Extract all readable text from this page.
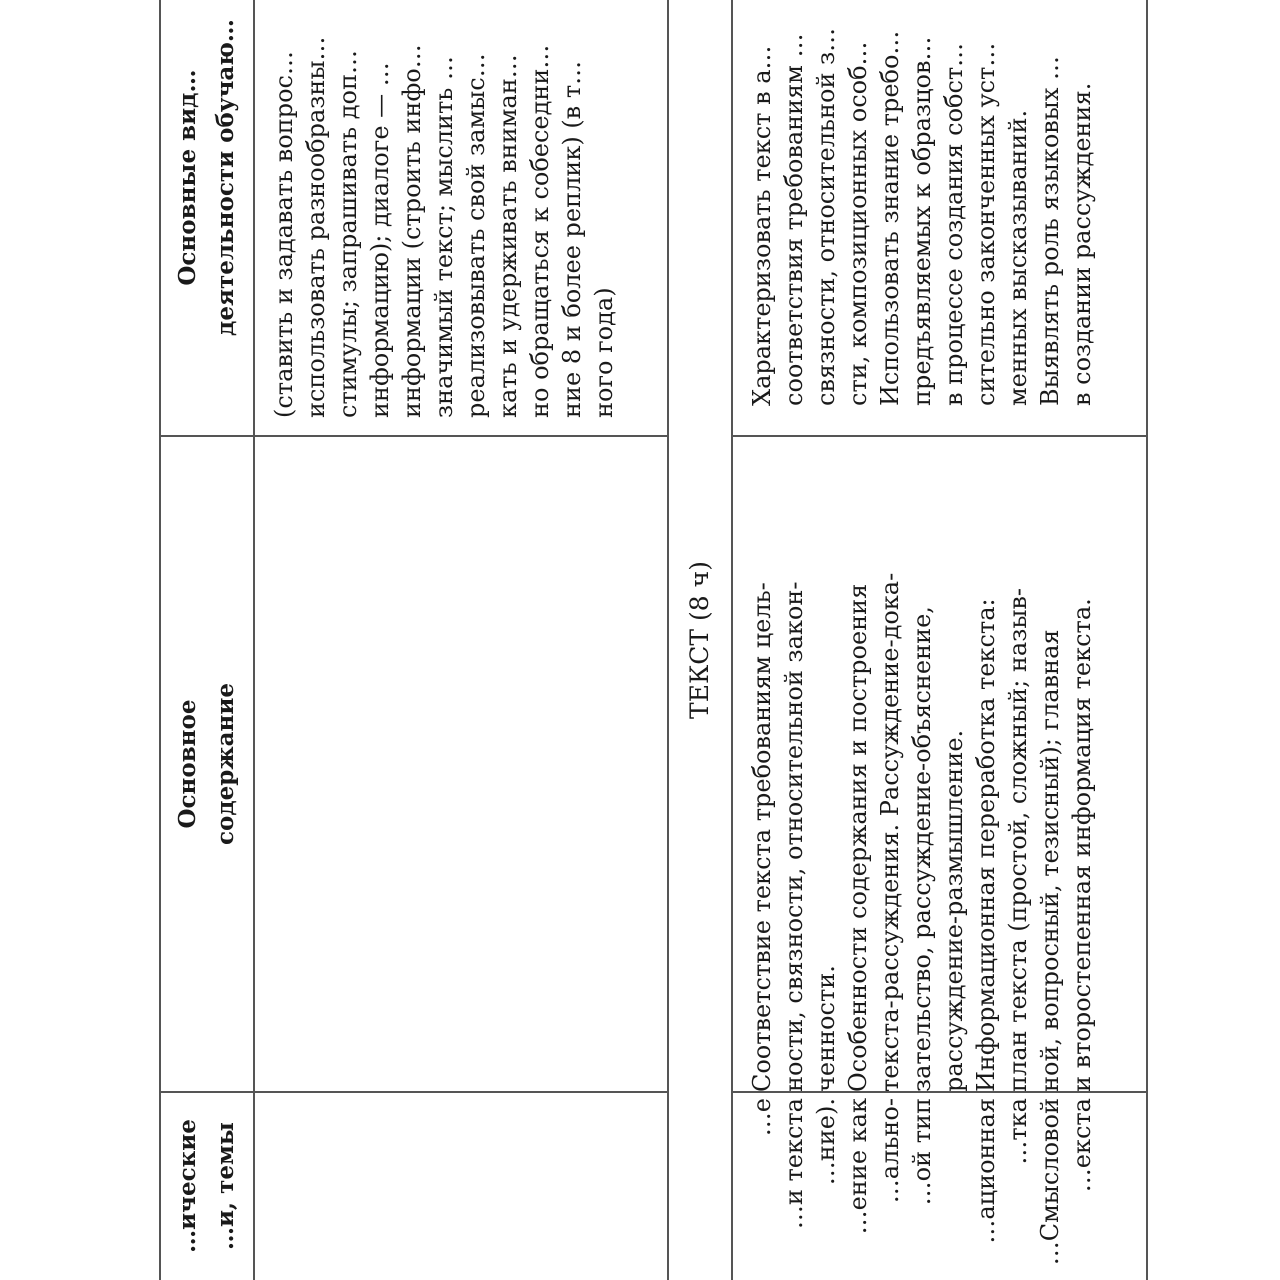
…ические …и, темы
Основное содержание
Основные вид… деятельности обучаю… (ставить и задавать вопрос… использовать разнообразны… стимулы; запрашивать доп… информацию); диалоге — … информации (строить инфо… значимый текст; мыслить … реализовывать свой замыс… кать и удерживать вниман… но обращаться к собеседни… ние 8 и более реплик) (в т… ного года)
ТЕКСТ (8 ч)
…е …и текста …ние). …ение как …ально- …ой тип
…ационная …тка …Смысловой …екста
Соответствие текста требованиям цель- ности, связности, относительной закон- ченности. Особенности содержания и построения текста-рассуждения. Рассуждение-дока- зательство, рассуждение-объяснение, рассуждение-размышление. Информационная переработка текста: план текста (простой, сложный; назыв- ной, вопросный, тезисный); главная и второстепенная информация текста.
Характеризовать текст в а… соответствия требованиям … связности, относительной з… сти, композиционных особ… Использовать знание требо… предъявляемых к образцов… в процессе создания собст… сительно законченных уст… менных высказываний. Выявлять роль языковых … в создании рассуждения.
